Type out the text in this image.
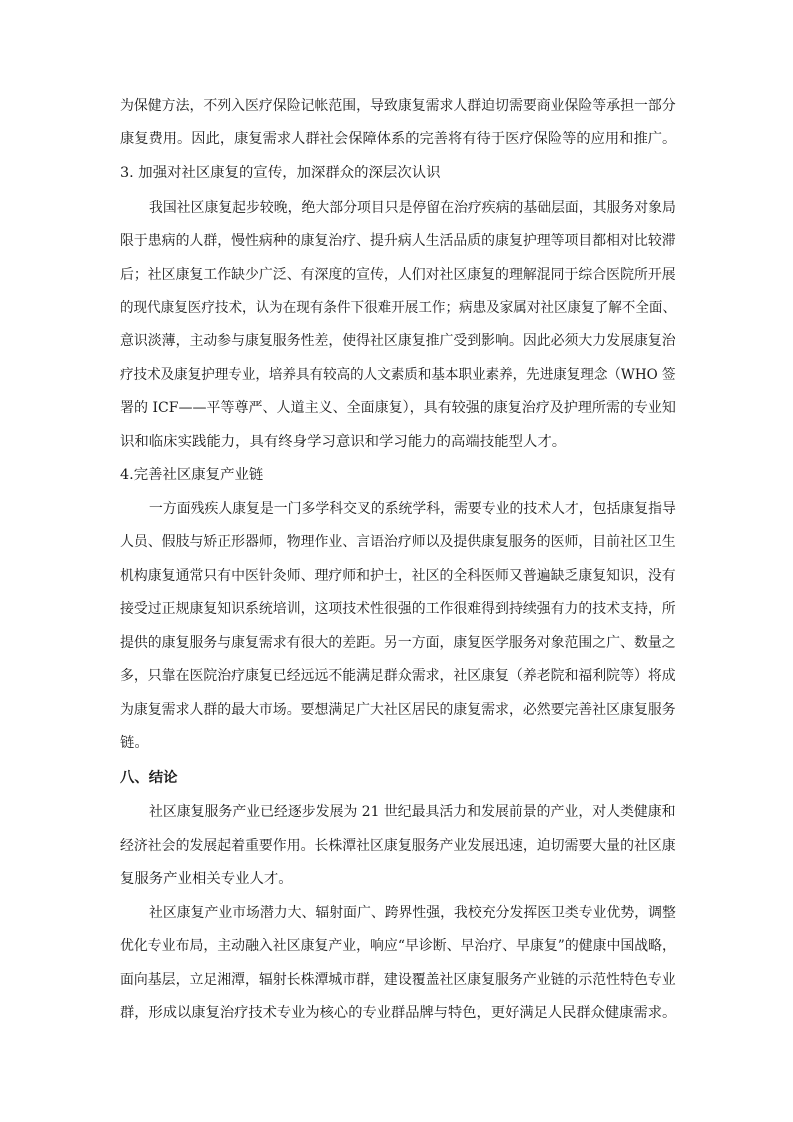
为保健方法，不列入医疗保险记帐范围，导致康复需求人群迫切需要商业保险等承担一部分
康复费用。因此，康复需求人群社会保障体系的完善将有待于医疗保险等的应用和推广。
3. 加强对社区康复的宣传，加深群众的深层次认识
我国社区康复起步较晚，绝大部分项目只是停留在治疗疾病的基础层面，其服务对象局
限于患病的人群，慢性病种的康复治疗、提升病人生活品质的康复护理等项目都相对比较滞
后；社区康复工作缺少广泛、有深度的宣传，人们对社区康复的理解混同于综合医院所开展
的现代康复医疗技术，认为在现有条件下很难开展工作；病患及家属对社区康复了解不全面、
意识淡薄，主动参与康复服务性差，使得社区康复推广受到影响。因此必须大力发展康复治
疗技术及康复护理专业，培养具有较高的人文素质和基本职业素养，先进康复理念（WHO 签
署的 ICF——平等尊严、人道主义、全面康复），具有较强的康复治疗及护理所需的专业知
识和临床实践能力，具有终身学习意识和学习能力的高端技能型人才。
4.完善社区康复产业链
一方面残疾人康复是一门多学科交叉的系统学科，需要专业的技术人才，包括康复指导
人员、假肢与矫正形器师，物理作业、言语治疗师以及提供康复服务的医师，目前社区卫生
机构康复通常只有中医针灸师、理疗师和护士，社区的全科医师又普遍缺乏康复知识，没有
接受过正规康复知识系统培训，这项技术性很强的工作很难得到持续强有力的技术支持，所
提供的康复服务与康复需求有很大的差距。另一方面，康复医学服务对象范围之广、数量之
多，只靠在医院治疗康复已经远远不能满足群众需求，社区康复（养老院和福利院等）将成
为康复需求人群的最大市场。要想满足广大社区居民的康复需求，必然要完善社区康复服务
链。
八、结论
社区康复服务产业已经逐步发展为 21 世纪最具活力和发展前景的产业，对人类健康和
经济社会的发展起着重要作用。长株潭社区康复服务产业发展迅速，迫切需要大量的社区康
复服务产业相关专业人才。
社区康复产业市场潜力大、辐射面广、跨界性强，我校充分发挥医卫类专业优势，调整
优化专业布局，主动融入社区康复产业，响应“早诊断、早治疗、早康复”的健康中国战略，
面向基层，立足湘潭，辐射长株潭城市群，建设覆盖社区康复服务产业链的示范性特色专业
群，形成以康复治疗技术专业为核心的专业群品牌与特色，更好满足人民群众健康需求。
